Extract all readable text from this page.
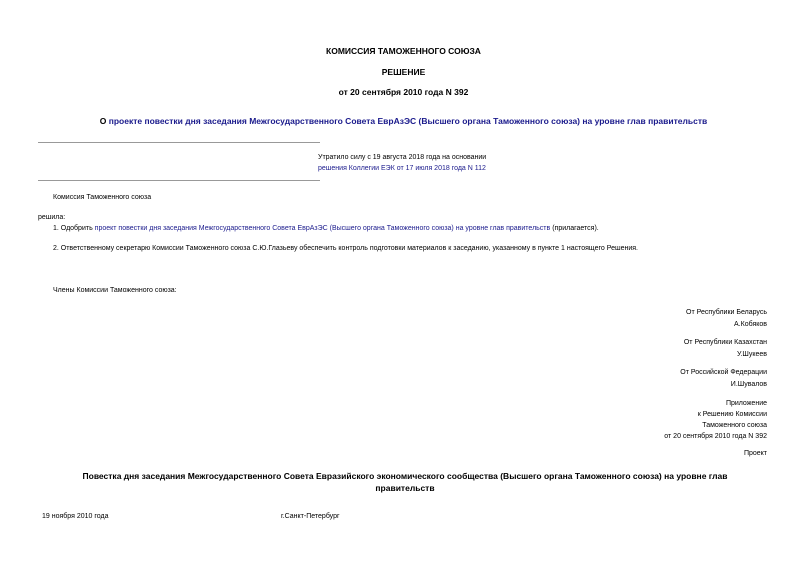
КОМИССИЯ ТАМОЖЕННОГО СОЮЗА
РЕШЕНИЕ
от 20 сентября 2010 года N 392
О проекте повестки дня заседания Межгосударственного Совета ЕврАзЭС (Высшего органа Таможенного союза) на уровне глав правительств
Утратило силу с 19 августа 2018 года на основании
решения Коллегии ЕЭК от 17 июля 2018 года N 112
Комиссия Таможенного союза
решила:
1. Одобрить проект повестки дня заседания Межгосударственного Совета ЕврАзЭС (Высшего органа Таможенного союза) на уровне глав правительств (прилагается).
2. Ответственному секретарю Комиссии Таможенного союза С.Ю.Глазьеву обеспечить контроль подготовки материалов к заседанию, указанному в пункте 1 настоящего Решения.
Члены Комиссии Таможенного союза:
От Республики Беларусь
А.Кобяков
От Республики Казахстан
У.Шукеев
От Российской Федерации
И.Шувалов
Приложение
к Решению Комиссии
Таможенного союза
от 20 сентября 2010 года N 392
Проект
Повестка дня заседания Межгосударственного Совета Евразийского экономического сообщества (Высшего органа Таможенного союза) на уровне глав правительств
19 ноября 2010 года	г.Санкт-Петербург
